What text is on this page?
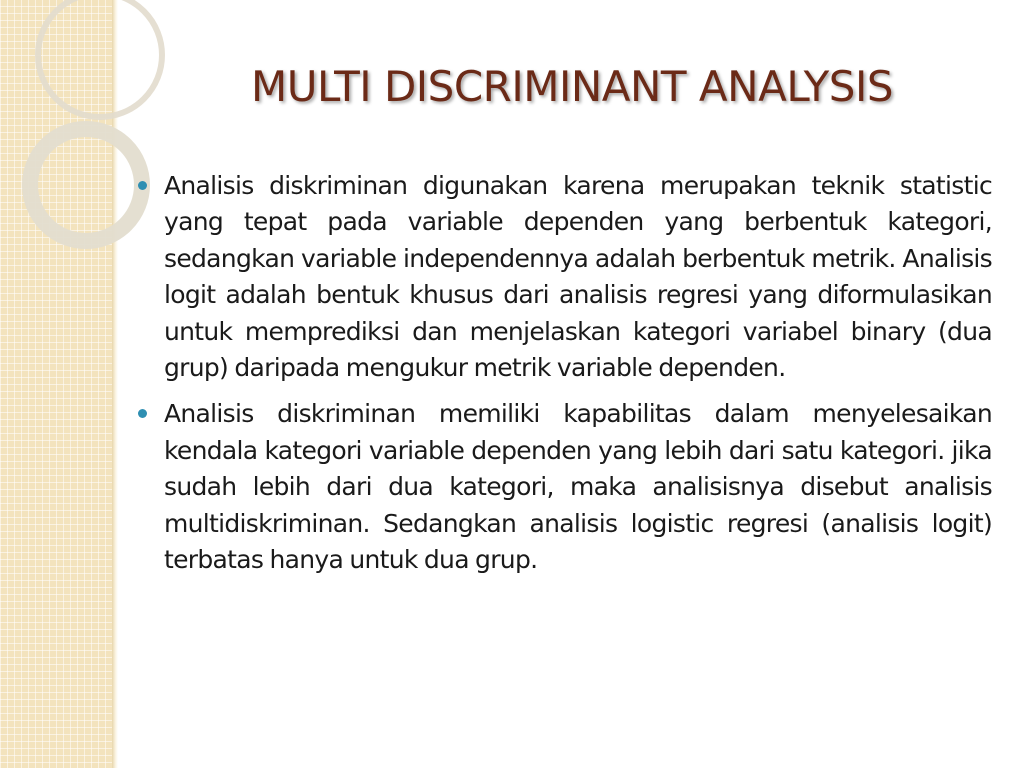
MULTI DISCRIMINANT ANALYSIS

Analisis diskriminan digunakan karena merupakan teknik statistic yang tepat pada variable dependen yang berbentuk kategori, sedangkan variable independennya adalah berbentuk metrik. Analisis logit adalah bentuk khusus dari analisis regresi yang diformulasikan untuk memprediksi dan menjelaskan kategori variabel binary (dua grup) daripada mengukur metrik variable dependen.

Analisis diskriminan memiliki kapabilitas dalam menyelesaikan kendala kategori variable dependen yang lebih dari satu kategori. jika sudah lebih dari dua kategori, maka analisisnya disebut analisis multidiskriminan. Sedangkan analisis logistic regresi (analisis logit) terbatas hanya untuk dua grup.
